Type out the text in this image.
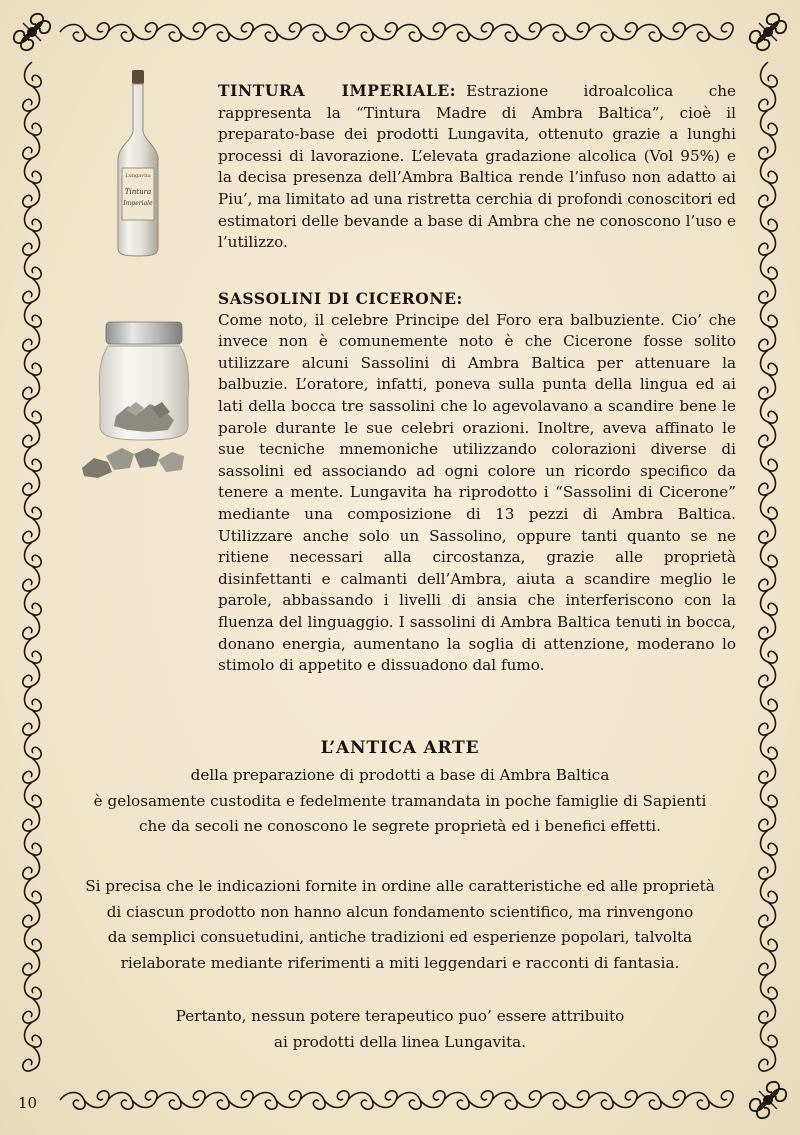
Lungavita
Tintura
Imperiale
TINTURA IMPERIALE: Estrazione idroalcolica che rappresenta la “Tintura Madre di Ambra Baltica”, cioè il preparato-base dei prodotti Lungavita, ottenuto grazie a lunghi processi di lavorazione. L’elevata gradazione alcolica (Vol 95%) e la decisa presenza dell’Ambra Baltica rende l’infuso non adatto ai Piu’, ma limitato ad una ristretta cerchia di profondi conoscitori ed estimatori delle bevande a base di Ambra che ne conoscono l’uso e l’utilizzo.
SASSOLINI DI CICERONE:
Come noto, il celebre Principe del Foro era balbuziente. Cio’ che invece non è comunemente noto è che Cicerone fosse solito utilizzare alcuni Sassolini di Ambra Baltica per attenuare la balbuzie. L’oratore, infatti, poneva sulla punta della lingua ed ai lati della bocca tre sassolini che lo agevolavano a scandire bene le parole durante le sue celebri orazioni. Inoltre, aveva affinato le sue tecniche mnemoniche utilizzando colorazioni diverse di sassolini ed associando ad ogni colore un ricordo specifico da tenere a mente. Lungavita ha riprodotto i “Sassolini di Cicerone” mediante una composizione di 13 pezzi di Ambra Baltica. Utilizzare anche solo un Sassolino, oppure tanti quanto se ne ritiene necessari alla circostanza, grazie alle proprietà disinfettanti e calmanti dell’Ambra, aiuta a scandire meglio le parole, abbassando i livelli di ansia che interferiscono con la fluenza del linguaggio. I sassolini di Ambra Baltica tenuti in bocca, donano energia, aumentano la soglia di attenzione, moderano lo stimolo di appetito e dissuadono dal fumo.
L’ANTICA ARTE
della preparazione di prodotti a base di Ambra Baltica
è gelosamente custodita e fedelmente tramandata in poche famiglie di Sapienti
che da secoli ne conoscono le segrete proprietà ed i benefici effetti.
Si precisa che le indicazioni fornite in ordine alle caratteristiche ed alle proprietà
di ciascun prodotto non hanno alcun fondamento scientifico, ma rinvengono
da semplici consuetudini, antiche tradizioni ed esperienze popolari, talvolta
rielaborate mediante riferimenti a miti leggendari e racconti di fantasia.
Pertanto, nessun potere terapeutico puo’ essere attribuito
ai prodotti della linea Lungavita.
10
